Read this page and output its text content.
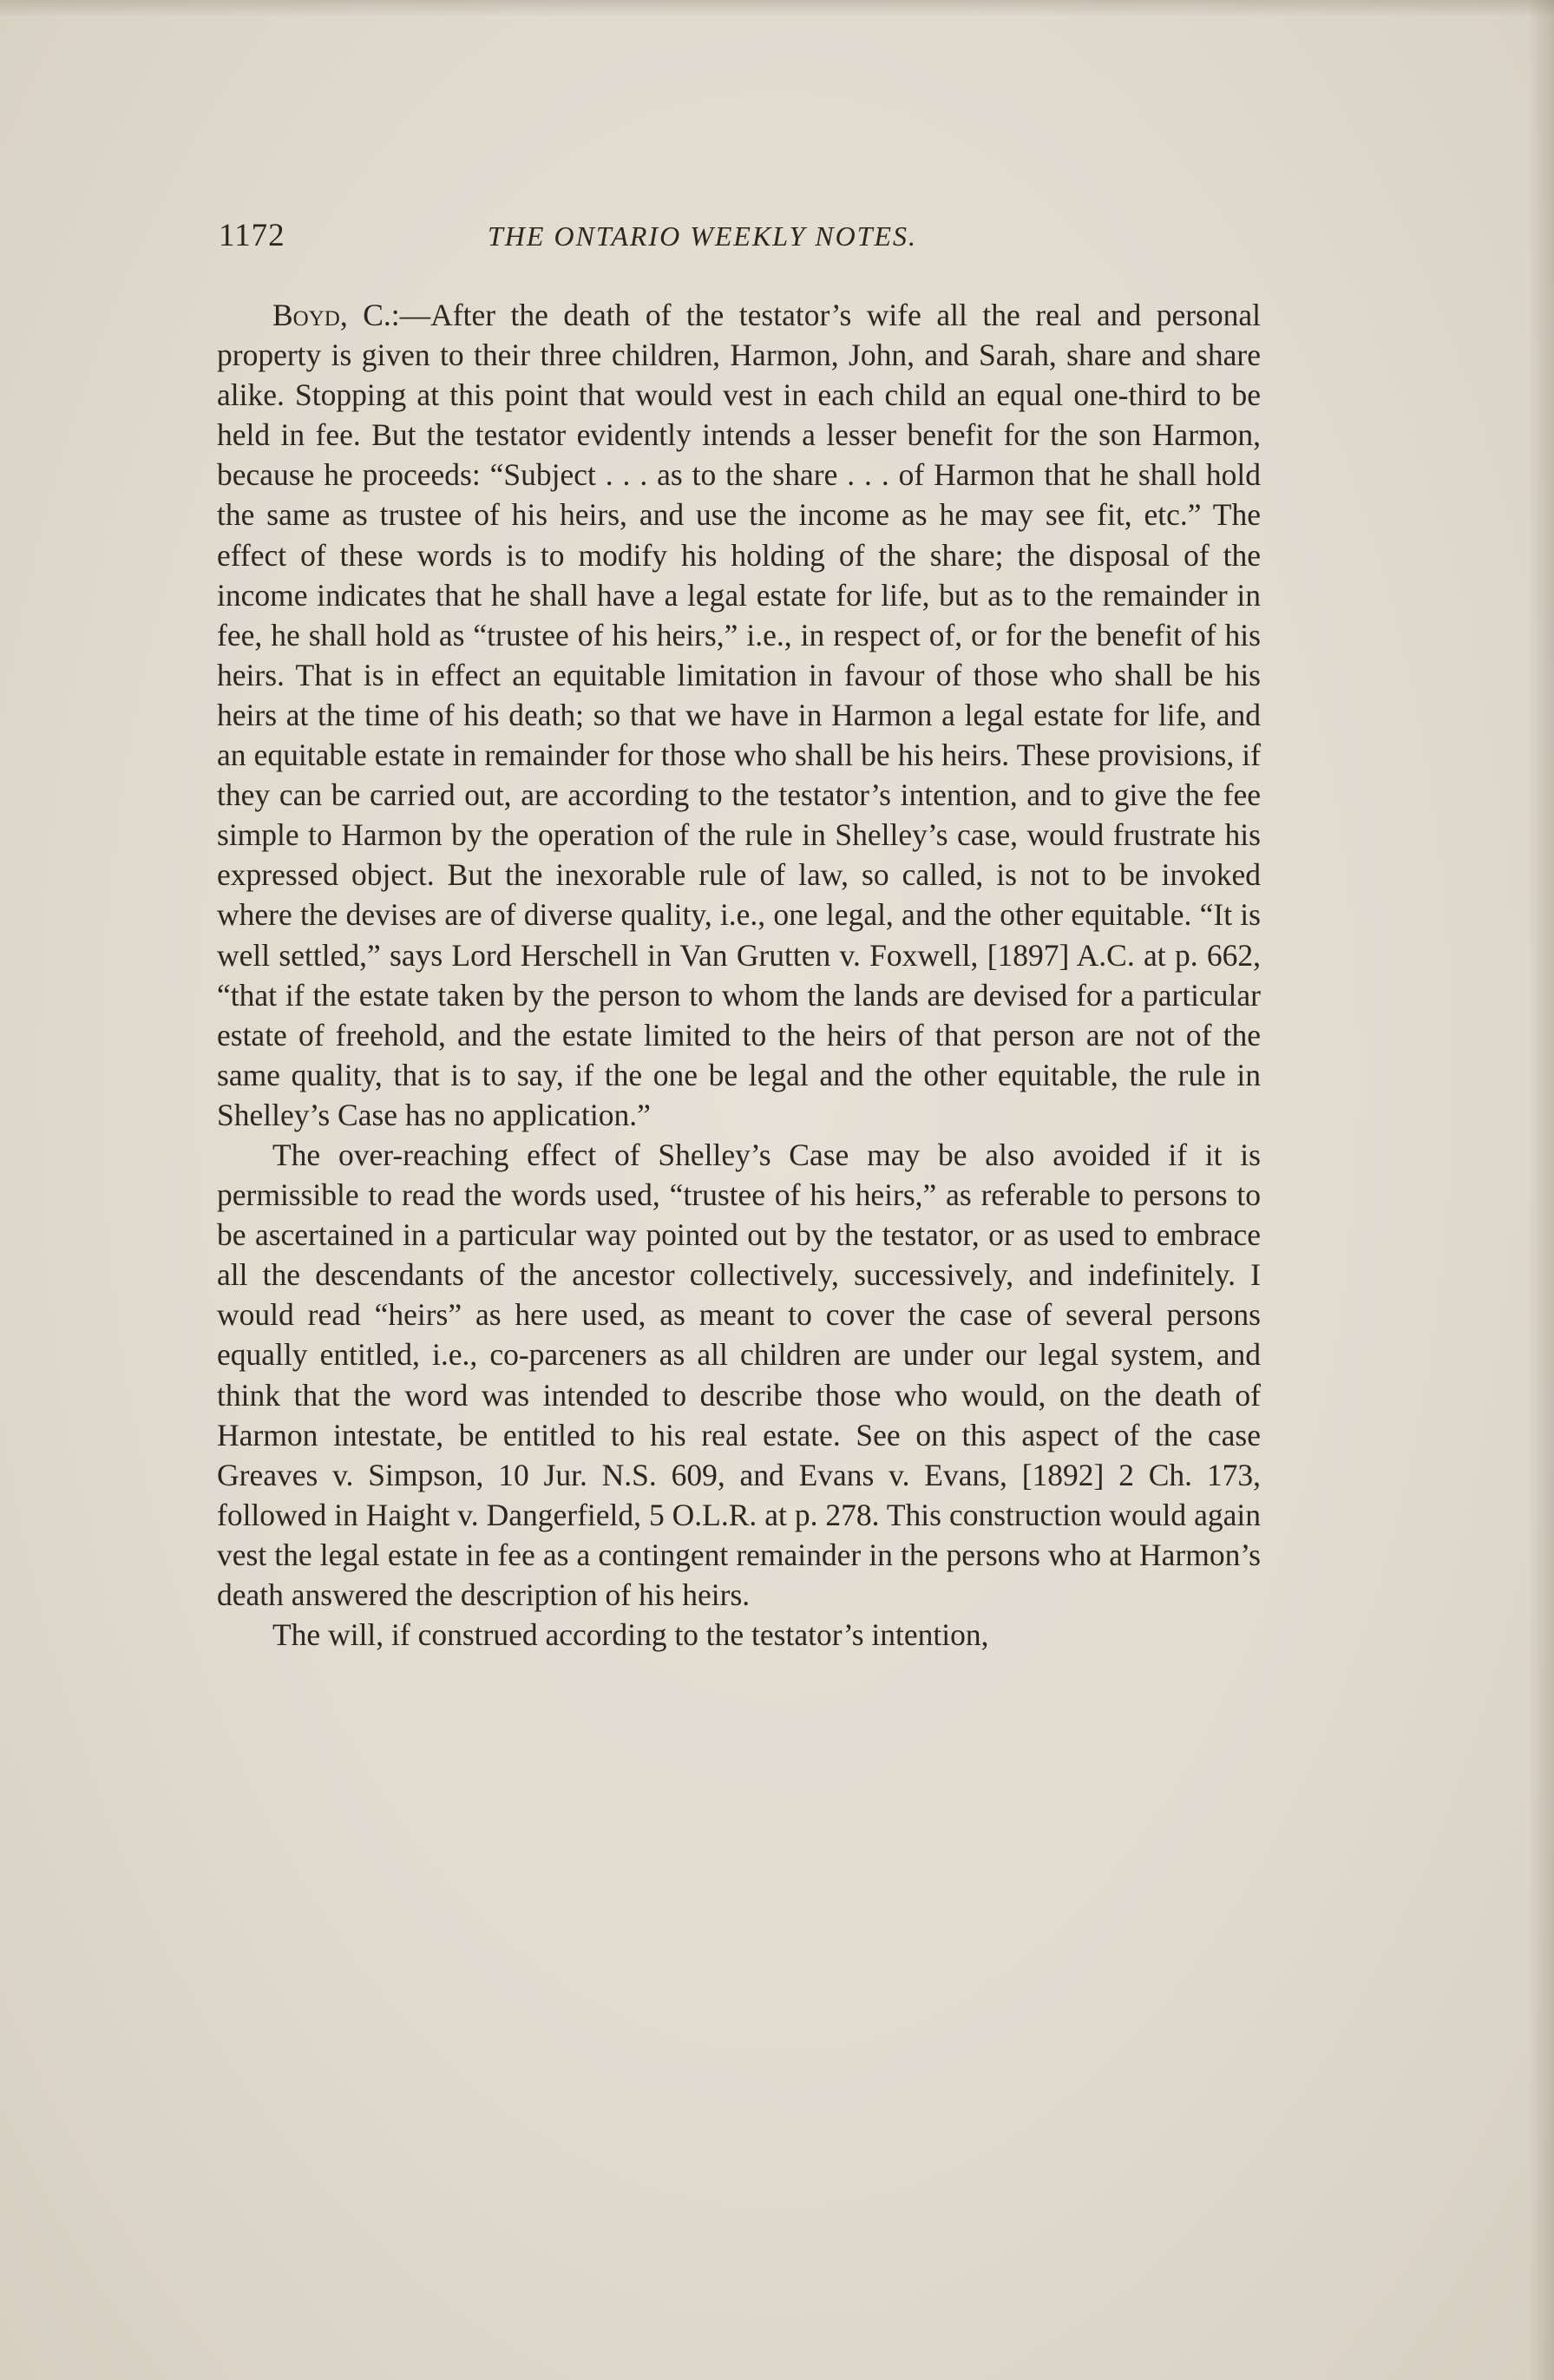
1172	THE ONTARIO WEEKLY NOTES.

Boyd, C.:—After the death of the testator’s wife all the real and personal property is given to their three children, Harmon, John, and Sarah, share and share alike. Stopping at this point that would vest in each child an equal one-third to be held in fee. But the testator evidently intends a lesser benefit for the son Harmon, because he proceeds: “Subject . . . as to the share . . . of Harmon that he shall hold the same as trustee of his heirs, and use the income as he may see fit, etc.” The effect of these words is to modify his holding of the share; the disposal of the income indicates that he shall have a legal estate for life, but as to the remainder in fee, he shall hold as “trustee of his heirs,” i.e., in respect of, or for the benefit of his heirs. That is in effect an equitable limitation in favour of those who shall be his heirs at the time of his death; so that we have in Harmon a legal estate for life, and an equitable estate in remainder for those who shall be his heirs. These provisions, if they can be carried out, are according to the testator’s intention, and to give the fee simple to Harmon by the operation of the rule in Shelley’s case, would frustrate his expressed object. But the inexorable rule of law, so called, is not to be invoked where the devises are of diverse quality, i.e., one legal, and the other equitable. “It is well settled,” says Lord Herschell in Van Grutten v. Foxwell, [1897] A.C. at p. 662, “that if the estate taken by the person to whom the lands are devised for a particular estate of freehold, and the estate limited to the heirs of that person are not of the same quality, that is to say, if the one be legal and the other equitable, the rule in Shelley’s Case has no application.”

The over-reaching effect of Shelley’s Case may be also avoided if it is permissible to read the words used, “trustee of his heirs,” as referable to persons to be ascertained in a particular way pointed out by the testator, or as used to embrace all the descendants of the ancestor collectively, successively, and indefinitely. I would read “heirs” as here used, as meant to cover the case of several persons equally entitled, i.e., co-parceners as all children are under our legal system, and think that the word was intended to describe those who would, on the death of Harmon intestate, be entitled to his real estate. See on this aspect of the case Greaves v. Simpson, 10 Jur. N.S. 609, and Evans v. Evans, [1892] 2 Ch. 173, followed in Haight v. Dangerfield, 5 O.L.R. at p. 278. This construction would again vest the legal estate in fee as a contingent remainder in the persons who at Harmon’s death answered the description of his heirs.

The will, if construed according to the testator’s intention,
